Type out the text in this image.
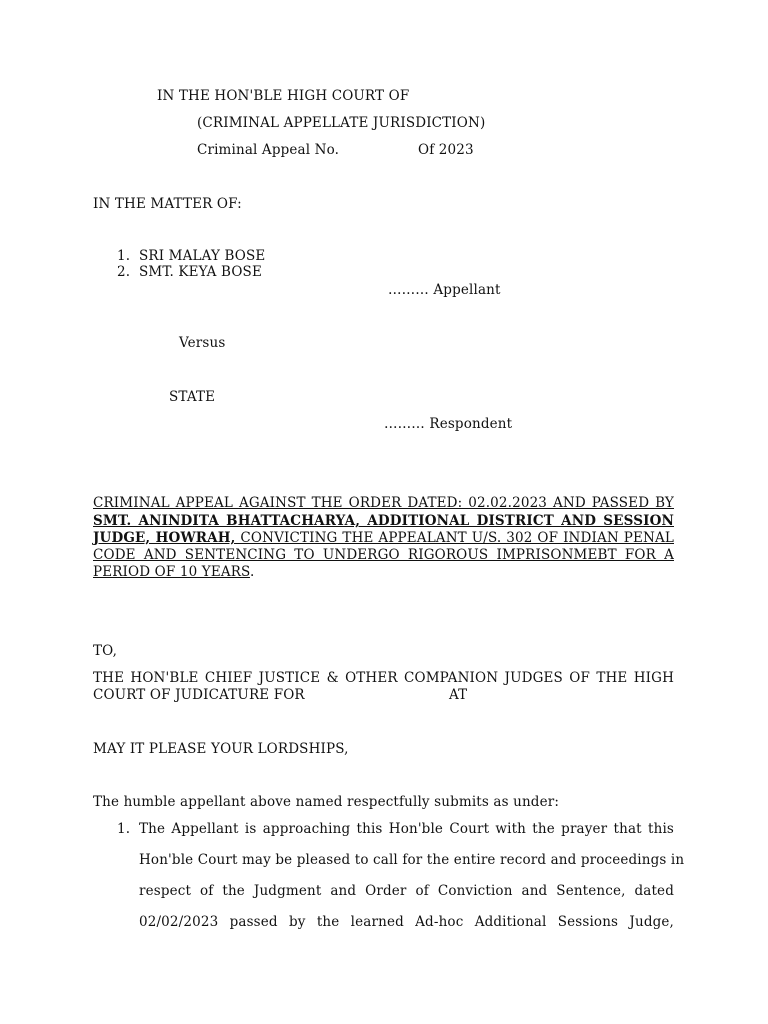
IN THE HON'BLE HIGH COURT OF
(CRIMINAL APPELLATE JURISDICTION)
Criminal Appeal No.	Of 2023
IN THE MATTER OF:
1. SRI MALAY BOSE
2. SMT. KEYA BOSE
……… Appellant
Versus
STATE
……… Respondent
CRIMINAL APPEAL AGAINST THE ORDER DATED: 02.02.2023 AND PASSED BY
SMT. ANINDITA BHATTACHARYA, ADDITIONAL DISTRICT AND SESSION
JUDGE, HOWRAH, CONVICTING THE APPEALANT U/S. 302 OF INDIAN PENAL
CODE AND SENTENCING TO UNDERGO RIGOROUS IMPRISONMEBT FOR A
PERIOD OF 10 YEARS.
TO,
THE HON'BLE CHIEF JUSTICE & OTHER COMPANION JUDGES OF THE HIGH
COURT OF JUDICATURE FOR	AT
MAY IT PLEASE YOUR LORDSHIPS,
The humble appellant above named respectfully submits as under:
1. The Appellant is approaching this Hon'ble Court with the prayer that this
Hon'ble Court may be pleased to call for the entire record and proceedings in
respect of the Judgment and Order of Conviction and Sentence, dated
02/02/2023 passed by the learned Ad-hoc Additional Sessions Judge,
